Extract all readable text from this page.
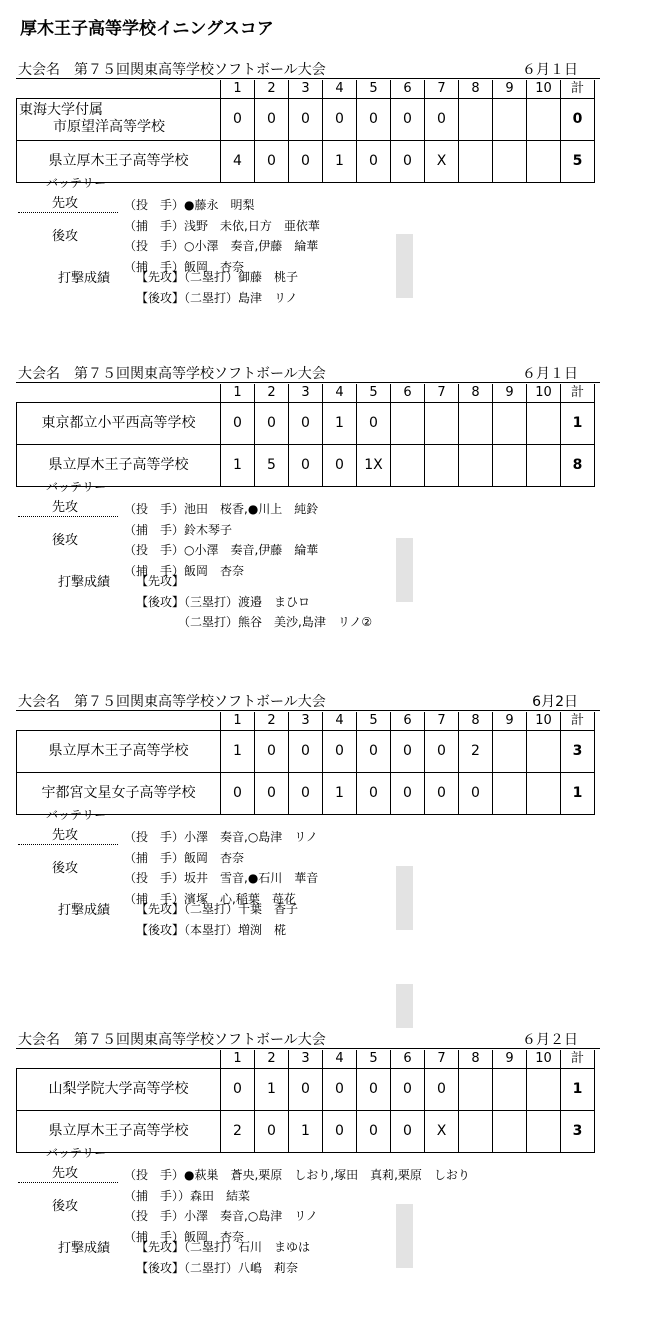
厚木王子高等学校イニングスコア
大会名　第７５回関東高等学校ソフトボール大会	６月１日
	1	2	3	4	5	6	7	8	9	10	計

東海大学付属
市原望洋高等学校	0	0	0	0	0	0	0				0
県立厚木王子高等学校	4	0	0	1	0	0	X				5
バッテリー
先攻
後攻
（投　手）●藤永　明梨
（捕　手）浅野　未依,日方　亜依華
（投　手）○小澤　奏音,伊藤　綸華
（捕　手）飯岡　杏奈
打撃成績 【先攻】（二塁打）御藤　桃子
【後攻】（二塁打）島津　リノ
大会名　第７５回関東高等学校ソフトボール大会	６月１日
	1	2	3	4	5	6	7	8	9	10	計
東京都立小平西高等学校	0	0	0	1	0						1
県立厚木王子高等学校	1	5	0	0	1X						8
バッテリー
先攻
後攻
（投　手）池田　桜香,●川上　純鈴
（捕　手）鈴木琴子
（投　手）○小澤　奏音,伊藤　綸華
（捕　手）飯岡　杏奈
打撃成績 【先攻】
【後攻】（三塁打）渡邉　まひロ
（二塁打）熊谷　美沙,島津　リノ②
大会名　第７５回関東高等学校ソフトボール大会	6月2日
	1	2	3	4	5	6	7	8	9	10	計
県立厚木王子高等学校	1	0	0	0	0	0	0	2			3
宇都宮文星女子高等学校	0	0	0	1	0	0	0	0			1
バッテリー
先攻
後攻
（投　手）小澤　奏音,○島津　リノ
（捕　手）飯岡　杏奈
（投　手）坂井　雪音,●石川　華音
（捕　手）濱塚　心,稲葉　苺花
打撃成績 【先攻】（二塁打）千葉　香子
【後攻】（本塁打）増渕　椛
大会名　第７５回関東高等学校ソフトボール大会	６月２日
	1	2	3	4	5	6	7	8	9	10	計
山梨学院大学高等学校	0	1	0	0	0	0	0				1
県立厚木王子高等学校	2	0	1	0	0	0	X				3
バッテリー
先攻
後攻
（投　手）●萩巣　蒼央,栗原　しおり,塚田　真莉,栗原　しおり
（捕　手））森田　結菜
（投　手）小澤　奏音,○島津　リノ
（捕　手）飯岡　杏奈
打撃成績 【先攻】（二塁打）石川　まゆは
【後攻】（二塁打）八嶋　莉奈
